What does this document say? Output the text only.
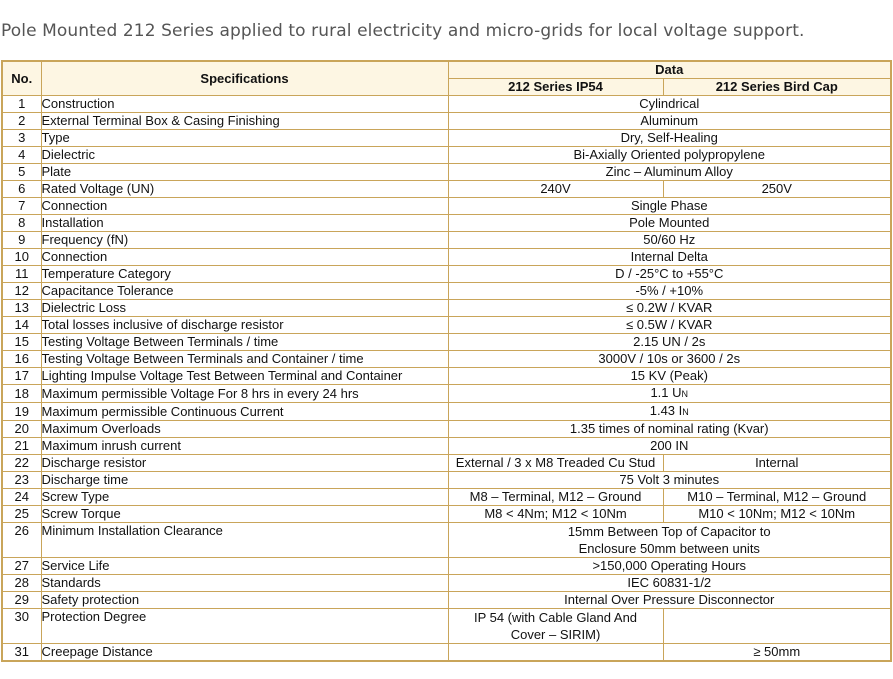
Pole Mounted 212 Series applied to rural electricity and micro-grids for local voltage support.
No.	Specifications	Data	
		212 Series IP54	212 Series Bird Cap
1	Construction	Cylindrical	
2	External Terminal Box & Casing Finishing	Aluminum	
3	Type	Dry, Self-Healing	
4	Dielectric	Bi-Axially Oriented polypropylene	
5	Plate	Zinc – Aluminum Alloy	
6	Rated Voltage (UN)	240V	250V
7	Connection	Single Phase	
8	Installation	Pole Mounted	
9	Frequency (fN)	50/60 Hz	
10	Connection	Internal Delta	
11	Temperature Category	D / -25°C to +55°C	
12	Capacitance Tolerance	-5% / +10%	
13	Dielectric Loss	≤ 0.2W / KVAR	
14	Total losses inclusive of discharge resistor	≤ 0.5W / KVAR	
15	Testing Voltage Between Terminals / time	2.15 UN / 2s	
16	Testing Voltage Between Terminals and Container / time	3000V / 10s or 3600 / 2s	
17	Lighting Impulse Voltage Test Between Terminal and Container	15 KV (Peak)	
18	Maximum permissible Voltage For 8 hrs in every 24 hrs	1.1 UN	
19	Maximum permissible Continuous Current	1.43 IN	
20	Maximum Overloads	1.35 times of nominal rating (Kvar)	
21	Maximum inrush current	200 IN	
22	Discharge resistor	External / 3 x M8 Treaded Cu Stud	Internal
23	Discharge time	75 Volt 3 minutes	
24	Screw Type	M8 – Terminal, M12 – Ground	M10 – Terminal, M12 – Ground
25	Screw Torque	M8 < 4Nm; M12 < 10Nm	M10 < 10Nm; M12 < 10Nm
26	Minimum Installation Clearance	15mm Between Top of Capacitor to
Enclosure 50mm between units	

27	Service Life	>150,000 Operating Hours	
28	Standards	IEC 60831-1/2	
29	Safety protection	Internal Over Pressure Disconnector	
30	Protection Degree	IP 54 (with Cable Gland And
Cover – SIRIM)	

31	Creepage Distance		≥ 50mm
